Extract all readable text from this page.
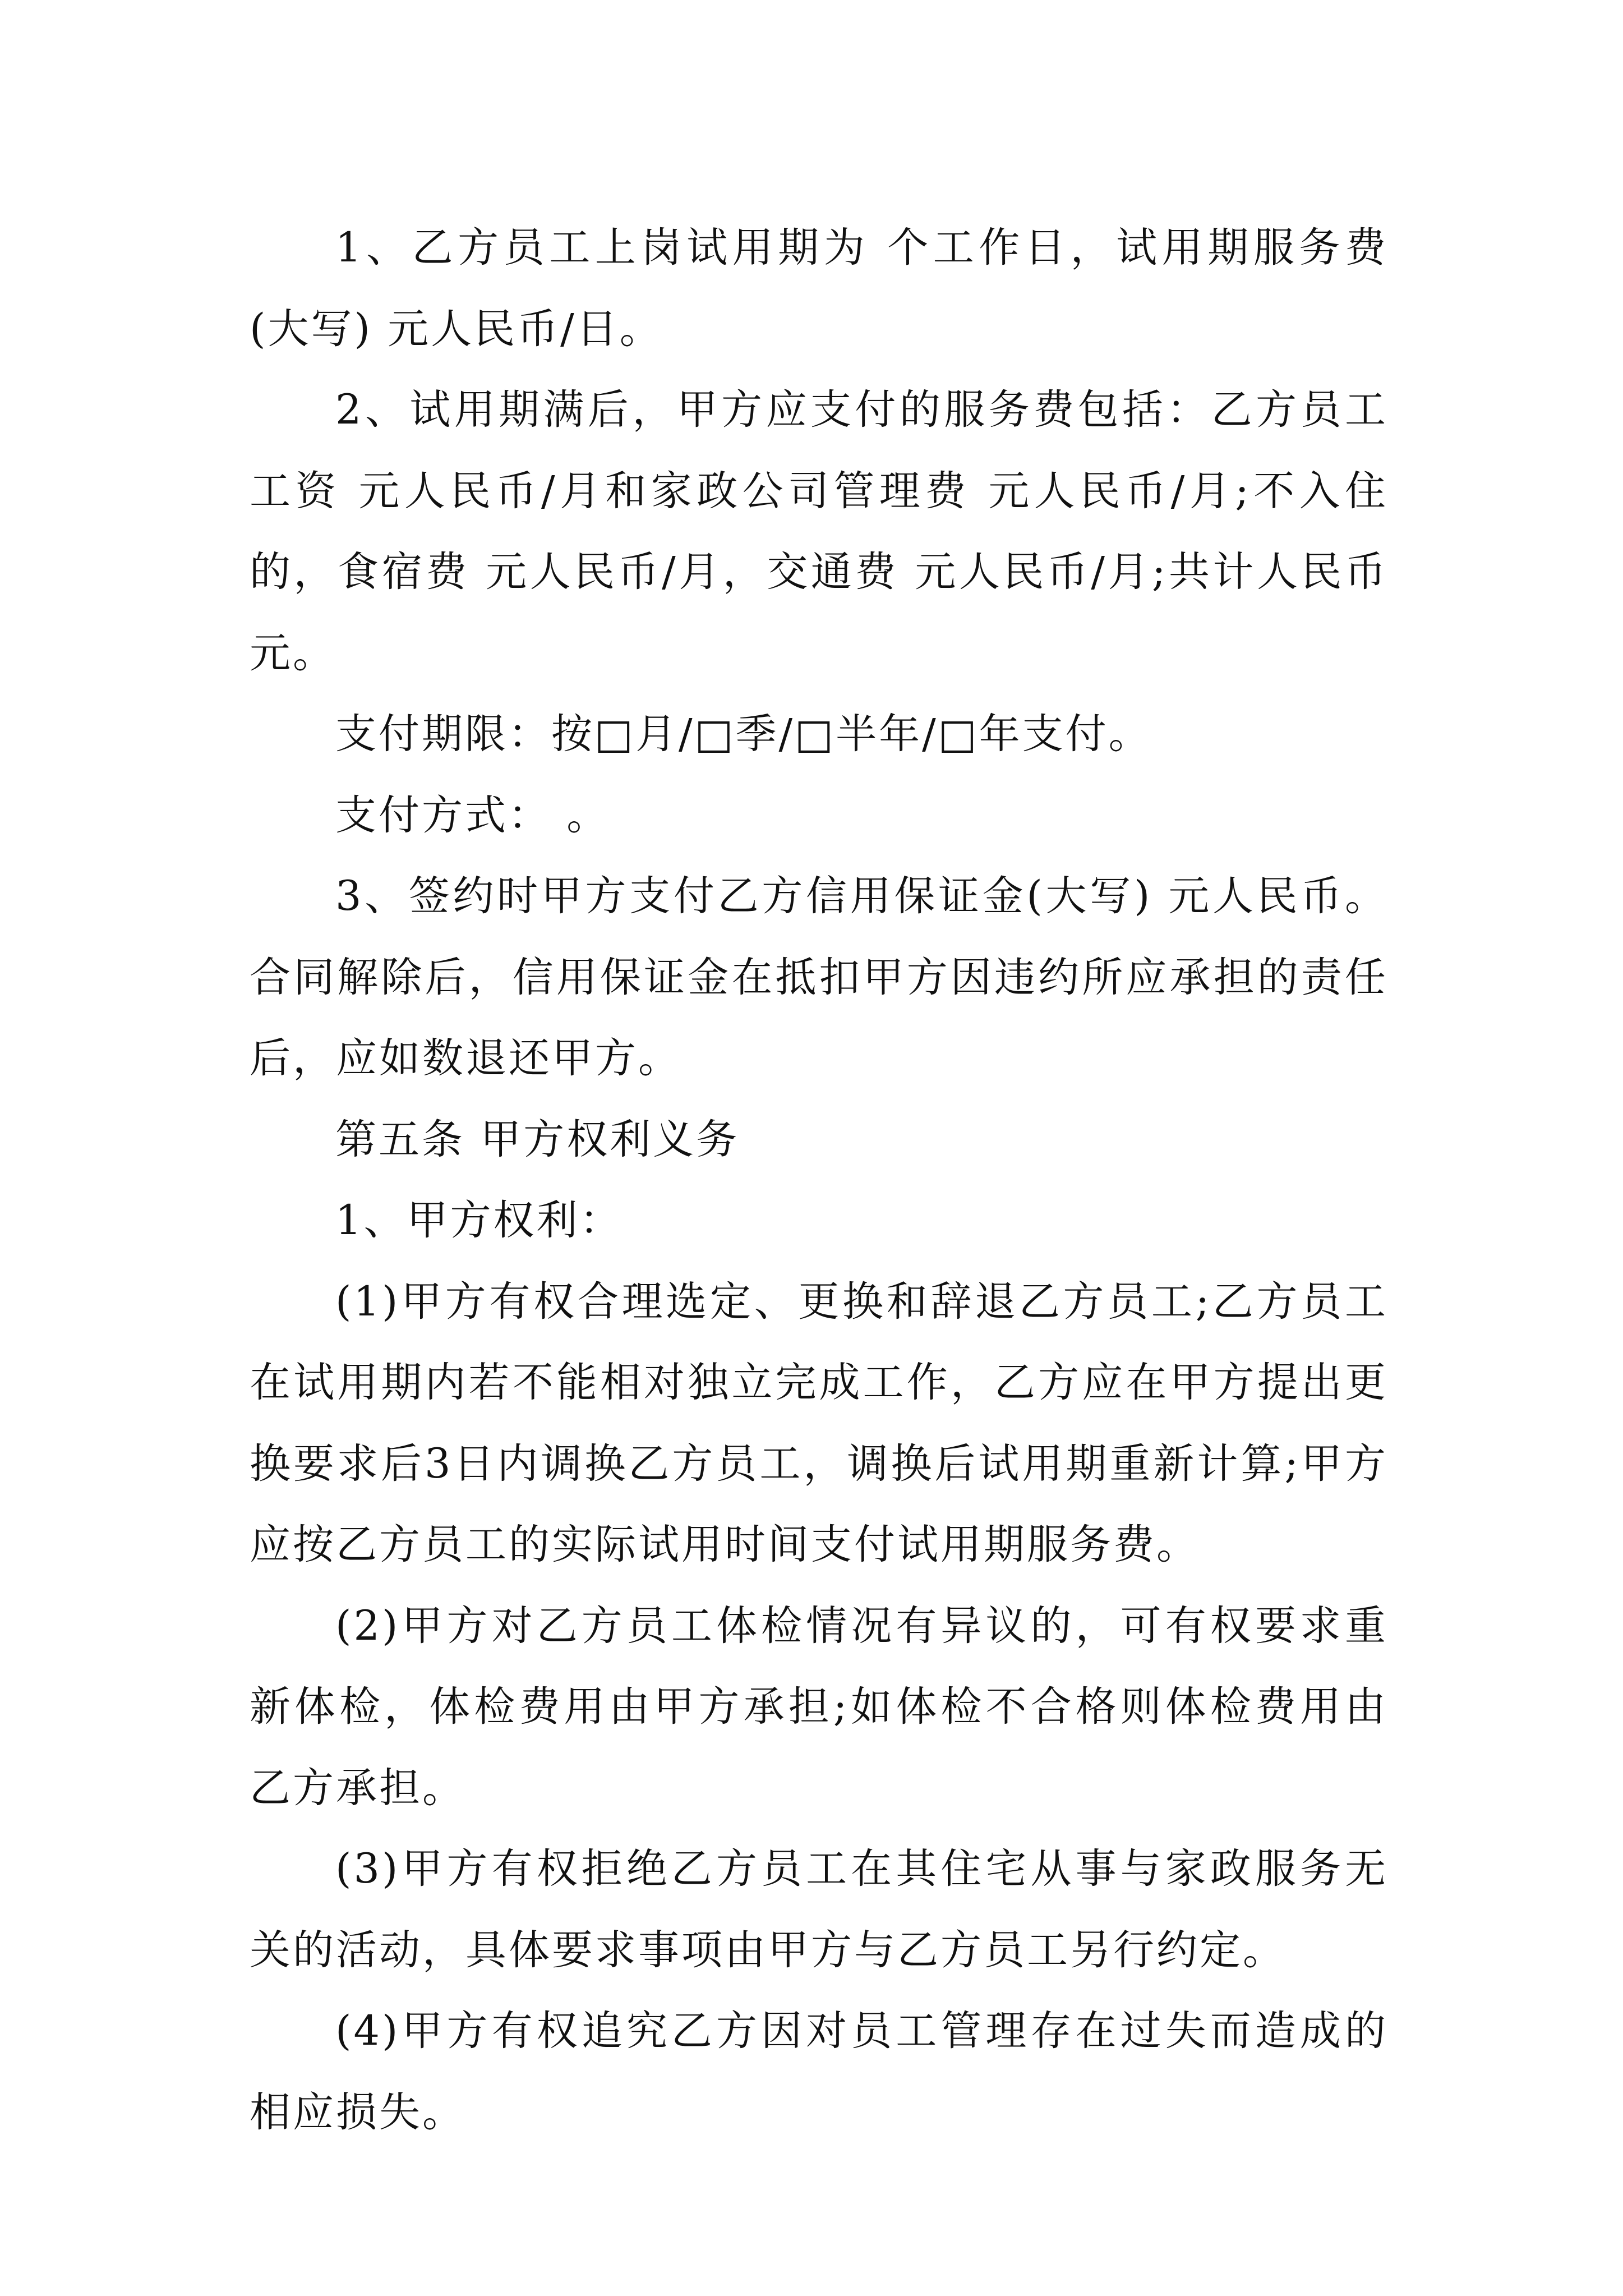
1、乙方员工上岗试用期为 个工作日，试用期服务费(大写) 元人民币/日。

2、试用期满后，甲方应支付的服务费包括：乙方员工工资 元人民币/月和家政公司管理费 元人民币/月;不入住的，食宿费 元人民币/月，交通费 元人民币/月;共计人民币 元。

支付期限：按□月/□季/□半年/□年支付。

支付方式： 。

3、签约时甲方支付乙方信用保证金(大写) 元人民币。合同解除后，信用保证金在抵扣甲方因违约所应承担的责任后，应如数退还甲方。

第五条 甲方权利义务

1、甲方权利：

(1)甲方有权合理选定、更换和辞退乙方员工;乙方员工在试用期内若不能相对独立完成工作，乙方应在甲方提出更换要求后3日内调换乙方员工，调换后试用期重新计算;甲方应按乙方员工的实际试用时间支付试用期服务费。

(2)甲方对乙方员工体检情况有异议的，可有权要求重新体检，体检费用由甲方承担;如体检不合格则体检费用由乙方承担。

(3)甲方有权拒绝乙方员工在其住宅从事与家政服务无关的活动，具体要求事项由甲方与乙方员工另行约定。

(4)甲方有权追究乙方因对员工管理存在过失而造成的相应损失。
